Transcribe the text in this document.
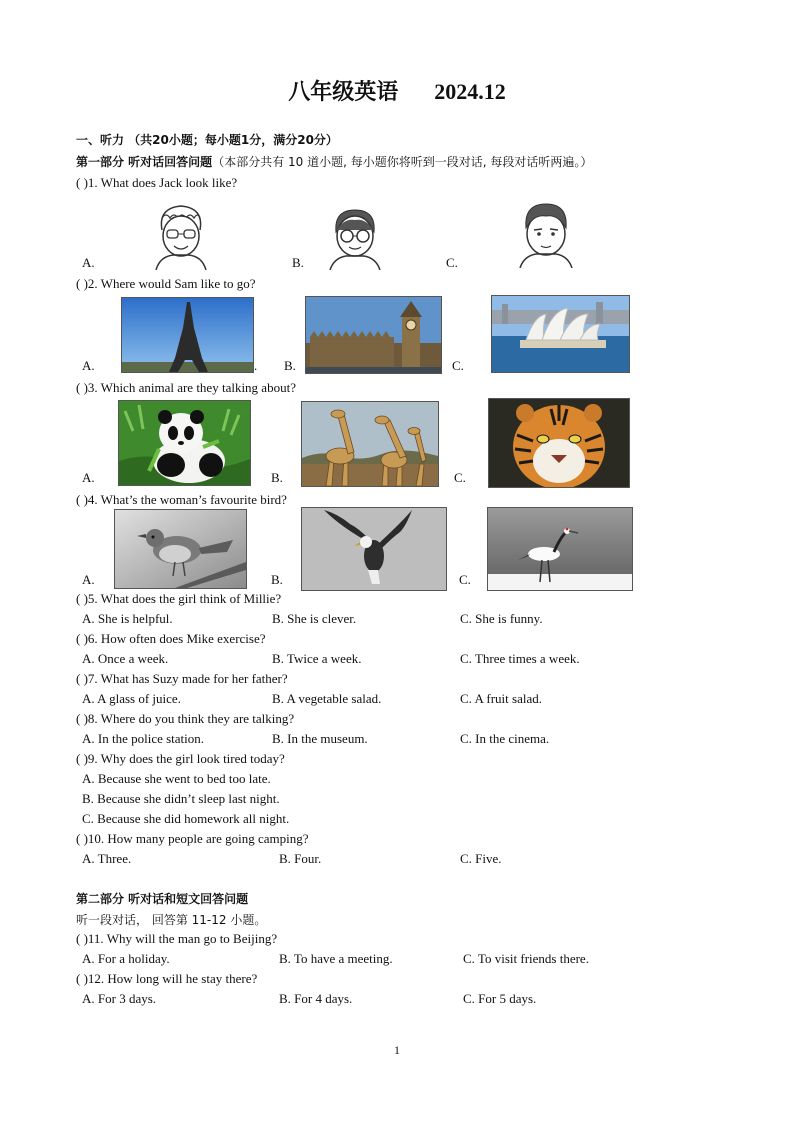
八年级英语 2024.12
一、听力 （共20小题；每小题1分，满分20分）
第一部分 听对话回答问题（本部分共有 10 道小题, 每小题你将听到一段对话, 每段对话听两遍。）
( )1. What does Jack look like?
A.	B.	C.
( )2. Where would Sam like to go?
A.	. B.	C.
( )3. Which animal are they talking about?
A.	B.	C.
( )4. What’s the woman’s favourite bird?
A.	B.	C.
( )5. What does the girl think of Millie?
A. She is helpful.	B. She is clever.	C. She is funny.
( )6. How often does Mike exercise?
A. Once a week.	B. Twice a week.	C. Three times a week.
( )7. What has Suzy made for her father?
A. A glass of juice.	B. A vegetable salad.	C. A fruit salad.
( )8. Where do you think they are talking?
A. In the police station.	B. In the museum.	C. In the cinema.
( )9. Why does the girl look tired today?
A. Because she went to bed too late.
B. Because she didn’t sleep last night.
C. Because she did homework all night.
( )10. How many people are going camping?
A. Three.	B. Four.	C. Five.
第二部分 听对话和短文回答问题
听一段对话， 回答第 11-12 小题。
( )11. Why will the man go to Beijing?
A. For a holiday.	B. To have a meeting.	C. To visit friends there.
( )12. How long will he stay there?
A. For 3 days.	B. For 4 days.	C. For 5 days.
1
